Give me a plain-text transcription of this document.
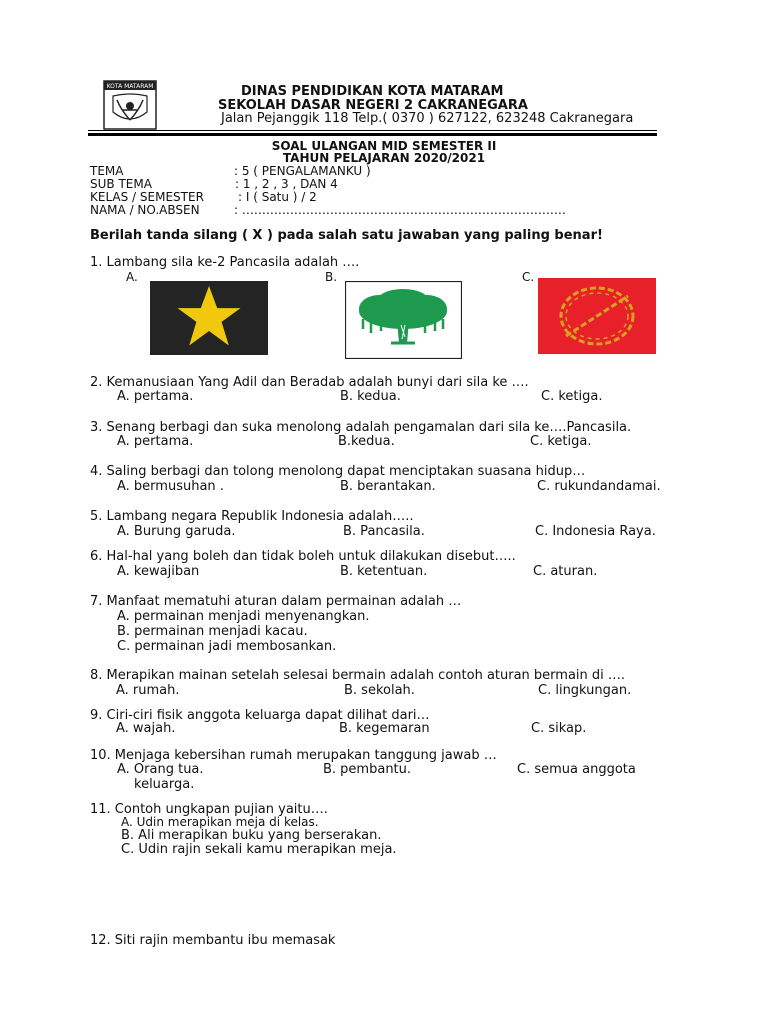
KOTA MATARAM	DINAS PENDIDIKAN KOTA MATARAM
SEKOLAH DASAR NEGERI 2 CAKRANEGARA
Jalan Pejanggik 118 Telp.( 0370 ) 627122, 623248 Cakranegara
SOAL ULANGAN MID SEMESTER II
TAHUN PELAJARAN 2020/2021
TEMA	: 5 ( PENGALAMANKU )
SUB TEMA	: 1 , 2 , 3 , DAN 4
KELAS / SEMESTER	: I ( Satu ) / 2
NAMA / NO.ABSEN	: ………………………………………………………………………
Berilah tanda silang ( X ) pada salah satu jawaban yang paling benar!
1. Lambang sila ke-2 Pancasila adalah ….
A.	B.	C.
2. Kemanusiaan Yang Adil dan Beradab adalah bunyi dari sila ke ….
A. pertama.	B. kedua.	C. ketiga.
3. Senang berbagi dan suka menolong adalah pengamalan dari sila ke….Pancasila.
A. pertama.	B.kedua.	C. ketiga.
4. Saling berbagi dan tolong menolong dapat menciptakan suasana hidup…
A. bermusuhan .	B. berantakan.	C. rukundandamai.
5. Lambang negara Republik Indonesia adalah…..
A. Burung garuda.	B. Pancasila.	C. Indonesia Raya.
6. Hal-hal yang boleh dan tidak boleh untuk dilakukan disebut…..
A. kewajiban	B. ketentuan.	C. aturan.
7. Manfaat mematuhi aturan dalam permainan adalah …
A. permainan menjadi menyenangkan.
B. permainan menjadi kacau.
C. permainan jadi membosankan.
8. Merapikan mainan setelah selesai bermain adalah contoh aturan bermain di ….
A. rumah.	B. sekolah.	C. lingkungan.
9. Ciri-ciri fisik anggota keluarga dapat dilihat dari…
A. wajah.	B. kegemaran	C. sikap.
10. Menjaga kebersihan rumah merupakan tanggung jawab …
A. Orang tua.	B. pembantu.	C. semua anggota
keluarga.
11. Contoh ungkapan pujian yaitu….
A. Udin merapikan meja di kelas.
B. Ali merapikan buku yang berserakan.
C. Udin rajin sekali kamu merapikan meja.
12. Siti rajin membantu ibu memasak
